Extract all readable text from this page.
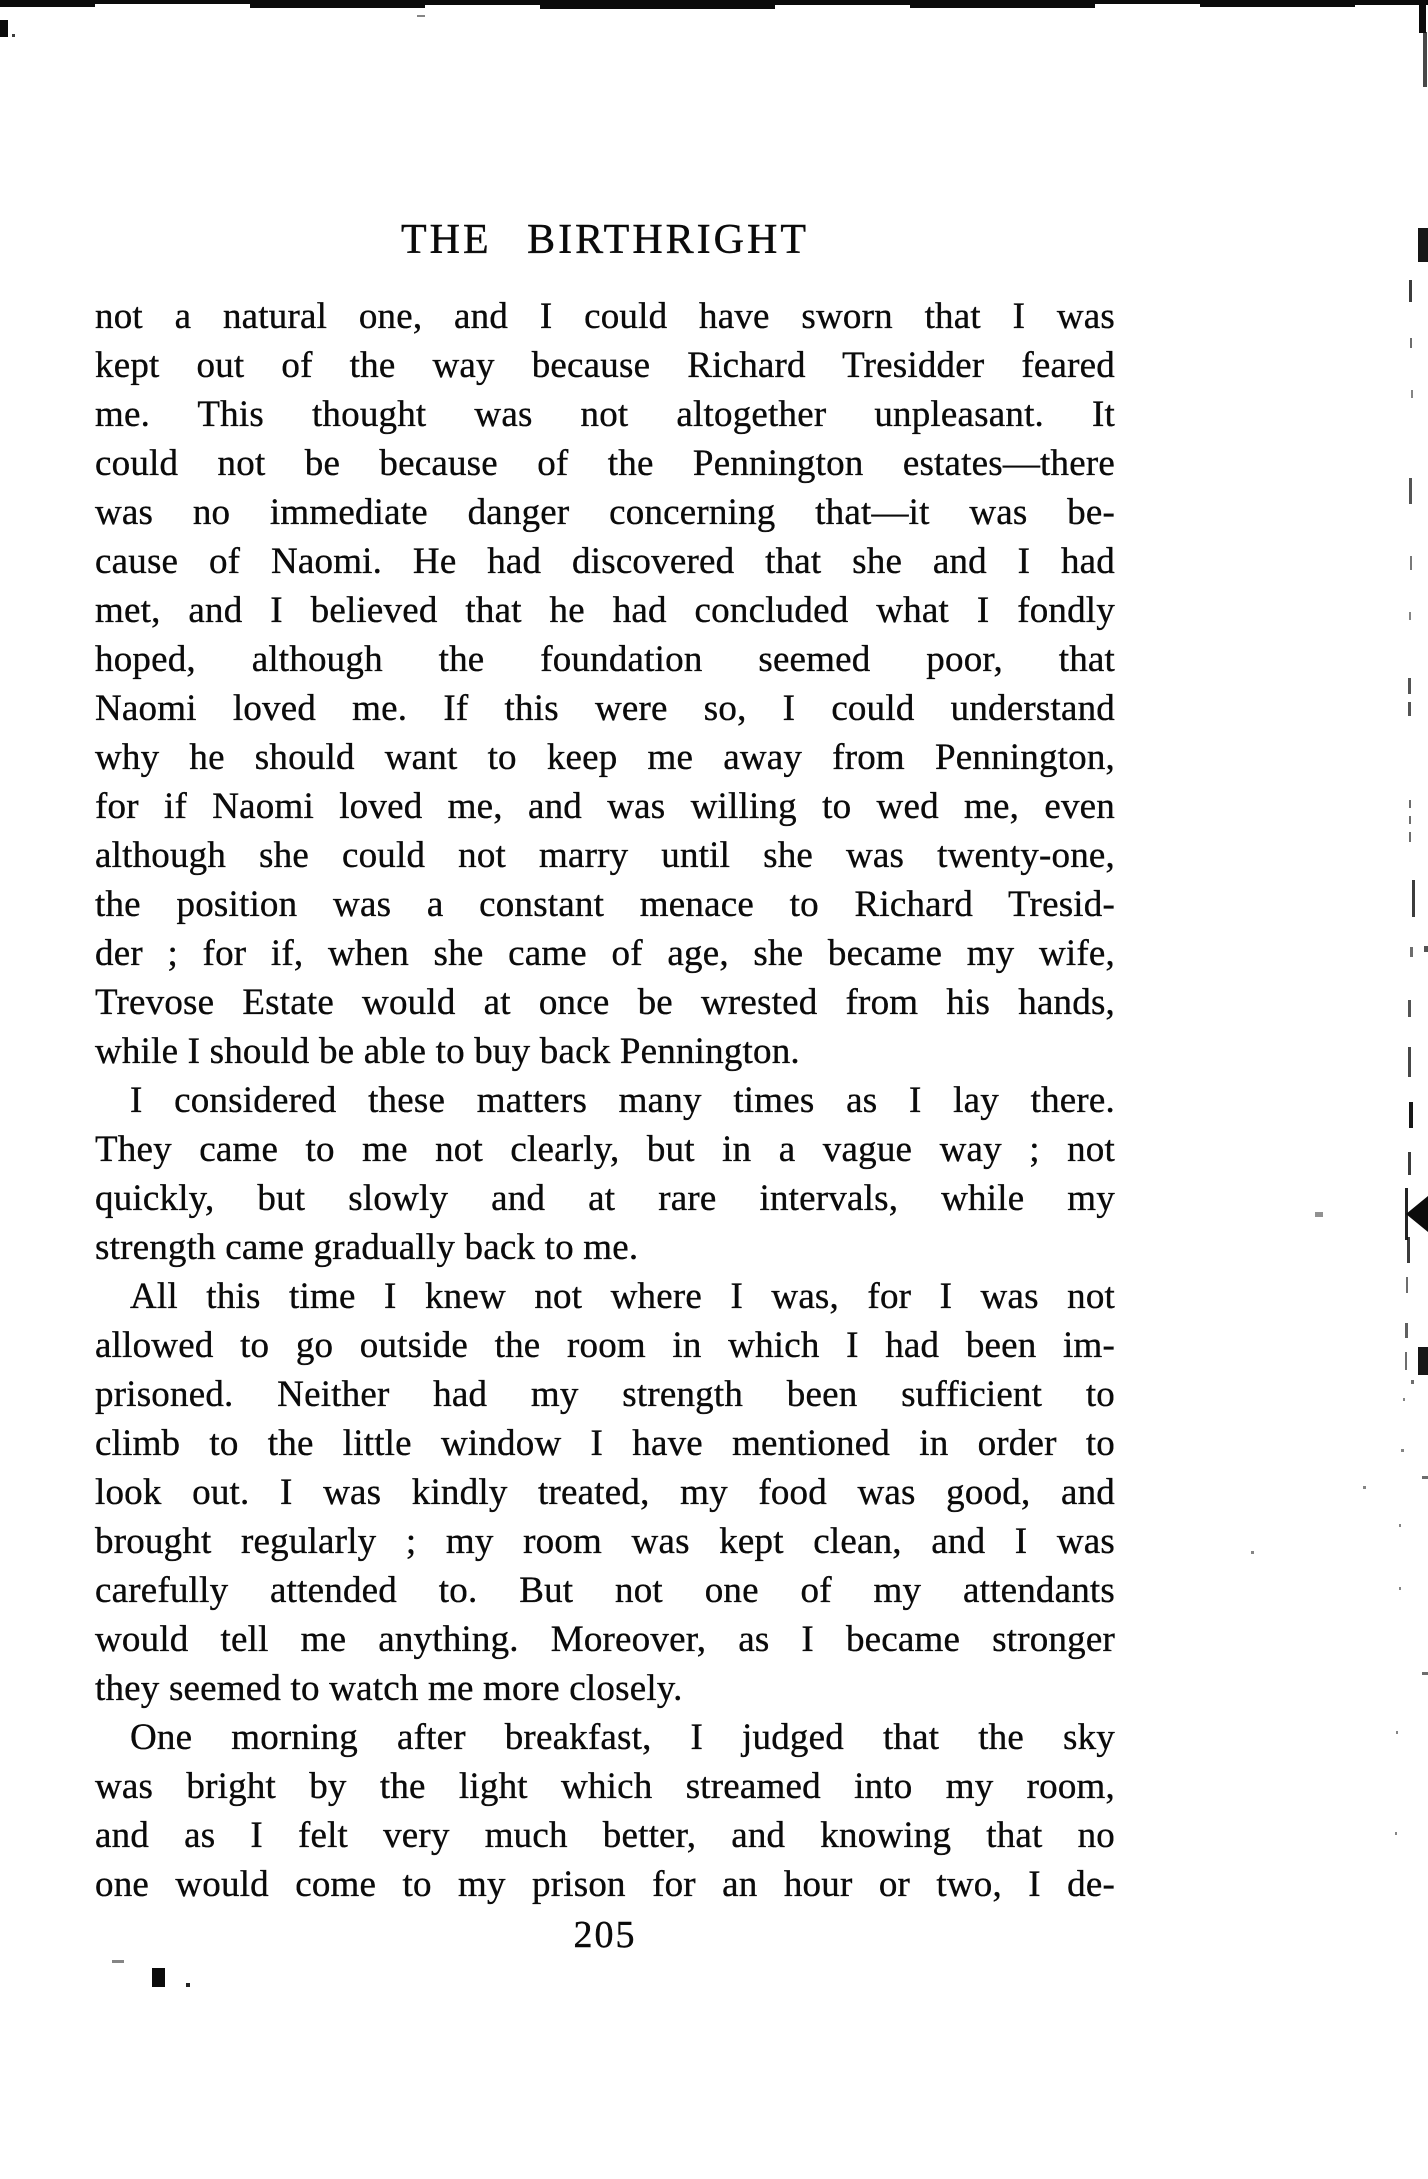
THE BIRTHRIGHT
not a natural one, and I could have sworn that I was
kept out of the way because Richard Tresidder feared
me. This thought was not altogether unpleasant. It
could not be because of the Pennington estates—there
was no immediate danger concerning that—it was be-
cause of Naomi. He had discovered that she and I had
met, and I believed that he had concluded what I fondly
hoped, although the foundation seemed poor, that
Naomi loved me. If this were so, I could understand
why he should want to keep me away from Pennington,
for if Naomi loved me, and was willing to wed me, even
although she could not marry until she was twenty-one,
the position was a constant menace to Richard Tresid-
der ; for if, when she came of age, she became my wife,
Trevose Estate would at once be wrested from his hands,
while I should be able to buy back Pennington.
I considered these matters many times as I lay there.
They came to me not clearly, but in a vague way ; not
quickly, but slowly and at rare intervals, while my
strength came gradually back to me.
All this time I knew not where I was, for I was not
allowed to go outside the room in which I had been im-
prisoned. Neither had my strength been sufficient to
climb to the little window I have mentioned in order to
look out. I was kindly treated, my food was good, and
brought regularly ; my room was kept clean, and I was
carefully attended to. But not one of my attendants
would tell me anything. Moreover, as I became stronger
they seemed to watch me more closely.
One morning after breakfast, I judged that the sky
was bright by the light which streamed into my room,
and as I felt very much better, and knowing that no
one would come to my prison for an hour or two, I de-
205
